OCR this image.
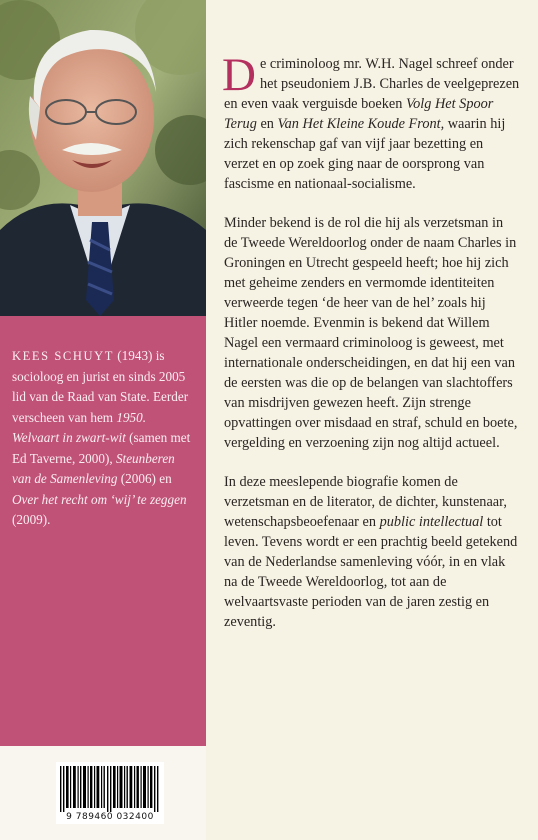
KEES SCHUYT (1943) is socioloog en jurist en sinds 2005 lid van de Raad van State. Eerder verscheen van hem 1950. Welvaart in zwart-wit (samen met Ed Taverne, 2000), Steunberen van de Samenleving (2006) en Over het recht om ‘wij’ te zeggen (2009).

9 789460 032400

De criminoloog mr. W.H. Nagel schreef onder het pseudoniem J.B. Charles de veelgeprezen en even vaak verguisde boeken Volg Het Spoor Terug en Van Het Kleine Koude Front, waarin hij zich rekenschap gaf van vijf jaar bezetting en verzet en op zoek ging naar de oorsprong van fascisme en nationaal-socialisme.

Minder bekend is de rol die hij als verzetsman in de Tweede Wereldoorlog onder de naam Charles in Groningen en Utrecht gespeeld heeft; hoe hij zich met geheime zenders en vermomde identiteiten verweerde tegen ‘de heer van de hel’ zoals hij Hitler noemde. Evenmin is bekend dat Willem Nagel een vermaard criminoloog is geweest, met internationale onderscheidingen, en dat hij een van de eersten was die op de belangen van slachtoffers van misdrijven gewezen heeft. Zijn strenge opvattingen over misdaad en straf, schuld en boete, vergelding en verzoening zijn nog altijd actueel.

In deze meeslepende biografie komen de verzetsman en de literator, de dichter, kunstenaar, wetenschapsbeoefenaar en public intellectual tot leven. Tevens wordt er een prachtig beeld getekend van de Nederlandse samenleving vóór, in en vlak na de Tweede Wereldoorlog, tot aan de welvaartsvaste perioden van de jaren zestig en zeventig.
